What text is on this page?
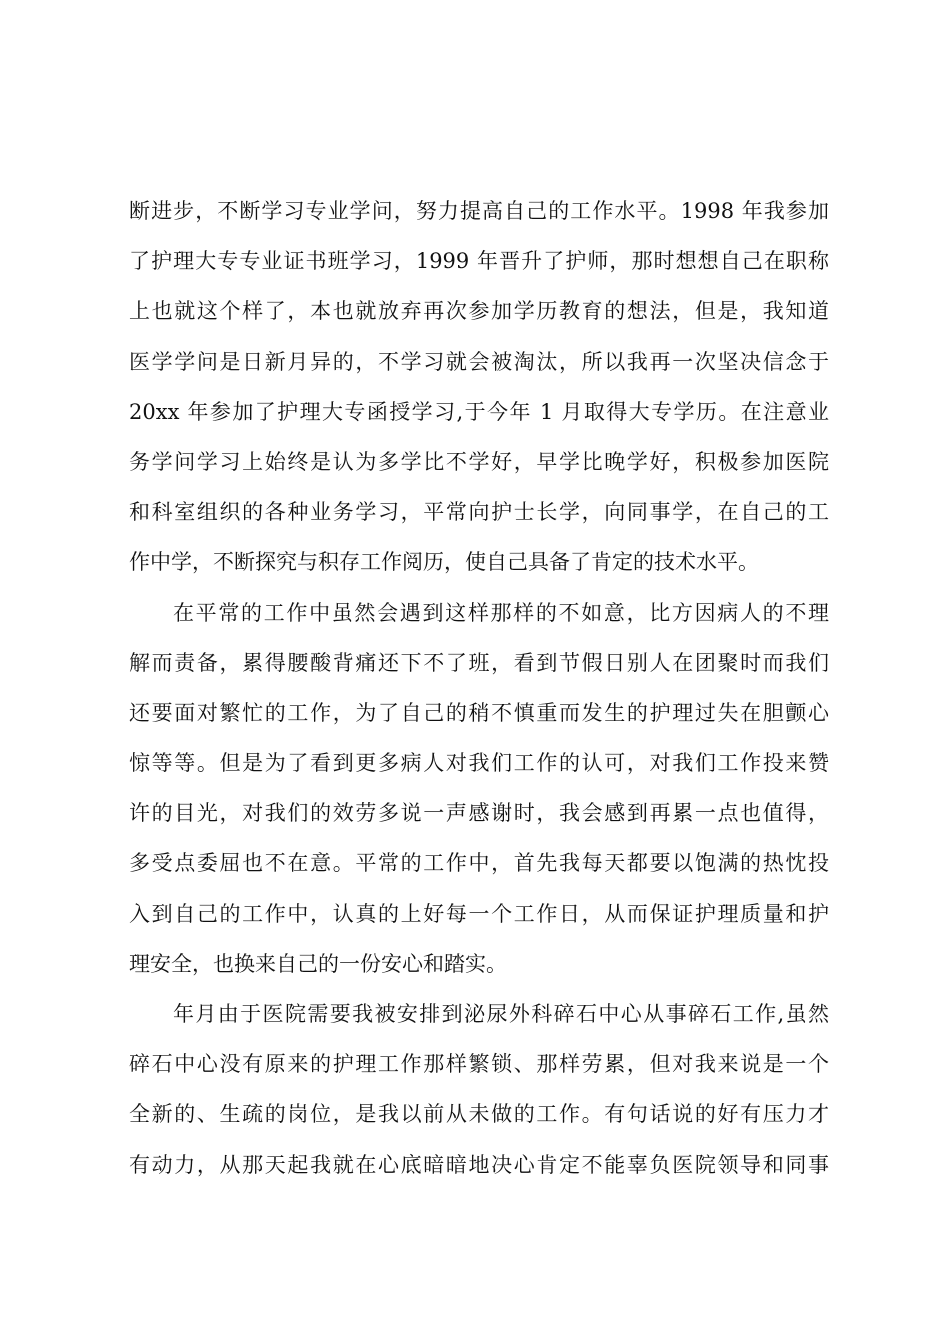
断进步，不断学习专业学问，努力提高自己的工作水平。1998 年我参加
了护理大专专业证书班学习，1999 年晋升了护师，那时想想自己在职称
上也就这个样了，本也就放弃再次参加学历教育的想法，但是，我知道
医学学问是日新月异的，不学习就会被淘汰，所以我再一次坚决信念于
20xx 年参加了护理大专函授学习,于今年 1 月取得大专学历。在注意业
务学问学习上始终是认为多学比不学好，早学比晚学好，积极参加医院
和科室组织的各种业务学习，平常向护士长学，向同事学，在自己的工
作中学，不断探究与积存工作阅历，使自己具备了肯定的技术水平。
在平常的工作中虽然会遇到这样那样的不如意，比方因病人的不理
解而责备，累得腰酸背痛还下不了班，看到节假日别人在团聚时而我们
还要面对繁忙的工作，为了自己的稍不慎重而发生的护理过失在胆颤心
惊等等。但是为了看到更多病人对我们工作的认可，对我们工作投来赞
许的目光，对我们的效劳多说一声感谢时，我会感到再累一点也值得，
多受点委屈也不在意。平常的工作中，首先我每天都要以饱满的热忱投
入到自己的工作中，认真的上好每一个工作日，从而保证护理质量和护
理安全，也换来自己的一份安心和踏实。
年月由于医院需要我被安排到泌尿外科碎石中心从事碎石工作,虽然
碎石中心没有原来的护理工作那样繁锁、那样劳累，但对我来说是一个
全新的、生疏的岗位，是我以前从未做的工作。有句话说的好有压力才
有动力，从那天起我就在心底暗暗地决心肯定不能辜负医院领导和同事
